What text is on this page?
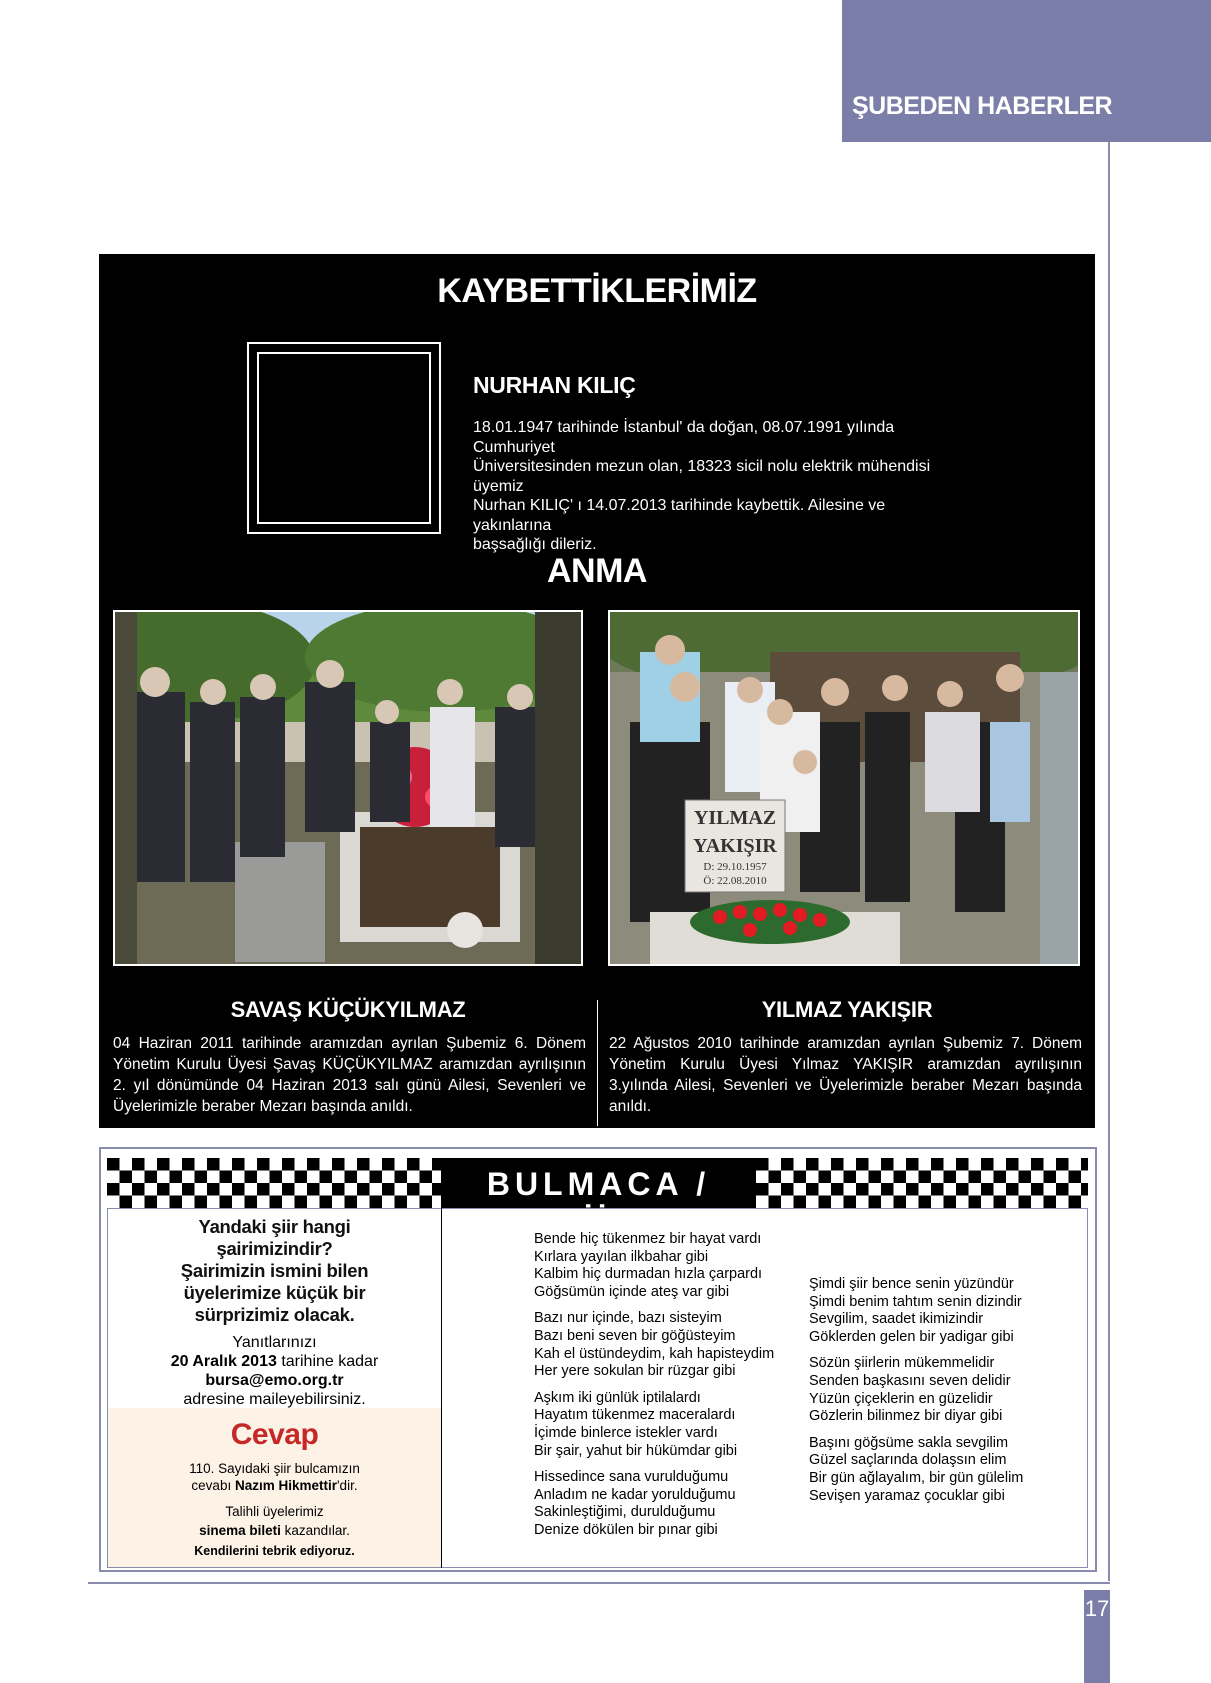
ŞUBEDEN HABERLER
17
KAYBETTİKLERİMİZ
NURHAN KILIÇ
18.01.1947 tarihinde İstanbul' da doğan, 08.07.1991 yılında Cumhuriyet
Üniversitesinden mezun olan, 18323 sicil nolu elektrik mühendisi üyemiz
Nurhan KILIÇ' ı 14.07.2013 tarihinde kaybettik. Ailesine ve yakınlarına
başsağlığı dileriz.
ANMA
YILMAZ
YAKIŞIR
D: 29.10.1957
Ö: 22.08.2010
SAVAŞ KÜÇÜKYILMAZ	YILMAZ YAKIŞIR
04 Haziran 2011 tarihinde aramızdan ayrılan Şubemiz 6. Dönem Yönetim Kurulu Üyesi Şavaş KÜÇÜKYILMAZ aramızdan ayrılışının 2. yıl dönümünde 04 Haziran 2013 salı günü Ailesi, Sevenleri ve Üyelerimizle beraber Mezarı başında anıldı.
22 Ağustos 2010 tarihinde aramızdan ayrılan Şubemiz 7. Dönem Yönetim Kurulu Üyesi Yılmaz YAKIŞIR aramızdan ayrılışının 3.yılında Ailesi, Sevenleri ve Üyelerimizle beraber Mezarı başında anıldı.
BULMACA / ŞİİR
Yandaki şiir hangi
şairimizindir?
Şairimizin ismini bilen
üyelerimize küçük bir
sürprizimiz olacak.
Yanıtlarınızı
20 Aralık 2013 tarihine kadar
bursa@emo.org.tr
adresine maileyebilirsiniz.
Cevap
110. Sayıdaki şiir bulcamızın
cevabı Nazım Hikmettir'dir.
Talihli üyelerimiz
sinema bileti kazandılar.
Kendilerini tebrik ediyoruz.
Bende hiç tükenmez bir hayat vardı
Kırlara yayılan ilkbahar gibi
Kalbim hiç durmadan hızla çarpardı
Göğsümün içinde ateş var gibi
Bazı nur içinde, bazı sisteyim
Bazı beni seven bir göğüsteyim
Kah el üstündeydim, kah hapisteydim
Her yere sokulan bir rüzgar gibi
Aşkım iki günlük iptilalardı
Hayatım tükenmez maceralardı
İçimde binlerce istekler vardı
Bir şair, yahut bir hükümdar gibi
Hissedince sana vurulduğumu
Anladım ne kadar yorulduğumu
Sakinleştiğimi, durulduğumu
Denize dökülen bir pınar gibi
Şimdi şiir bence senin yüzündür
Şimdi benim tahtım senin dizindir
Sevgilim, saadet ikimizindir
Göklerden gelen bir yadigar gibi
Sözün şiirlerin mükemmelidir
Senden başkasını seven delidir
Yüzün çiçeklerin en güzelidir
Gözlerin bilinmez bir diyar gibi
Başını göğsüme sakla sevgilim
Güzel saçlarında dolaşsın elim
Bir gün ağlayalım, bir gün gülelim
Sevişen yaramaz çocuklar gibi
